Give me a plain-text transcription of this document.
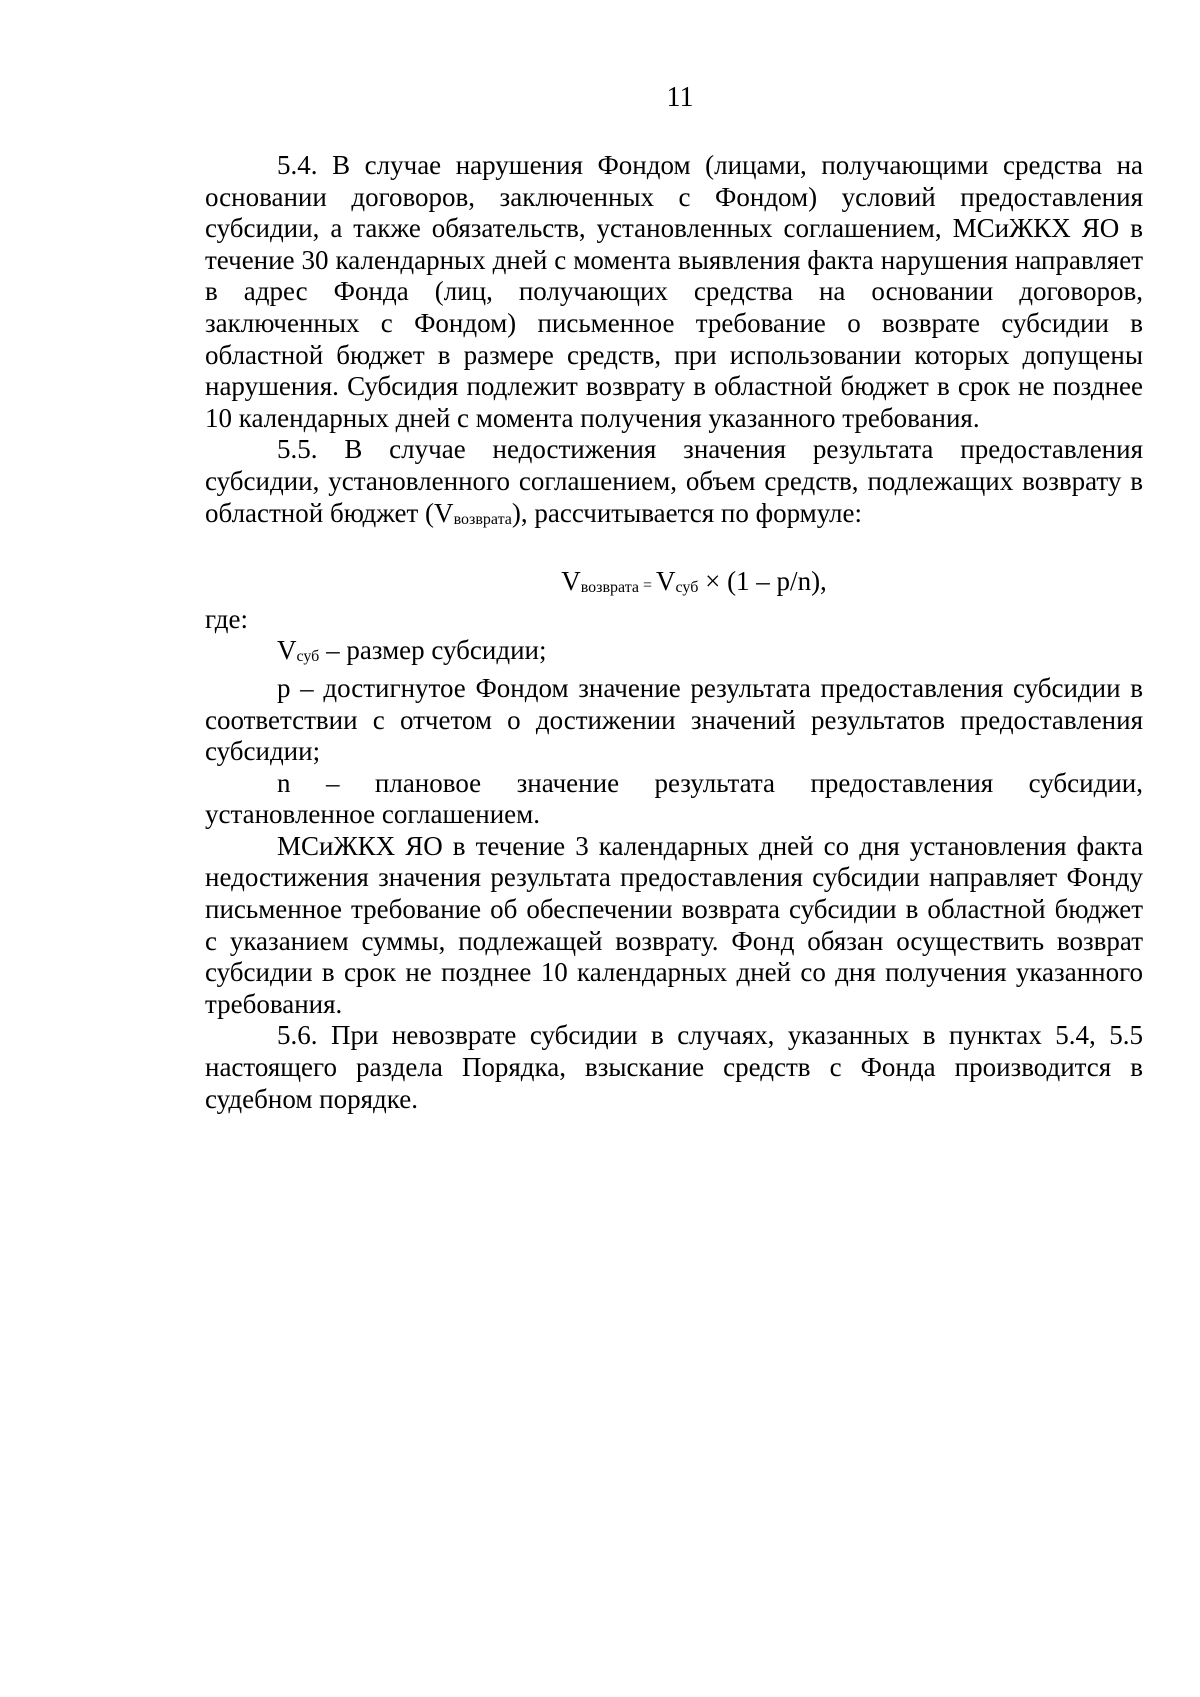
11

5.4. В случае нарушения Фондом (лицами, получающими средства на основании договоров, заключенных с Фондом) условий предоставления субсидии, а также обязательств, установленных соглашением, МСиЖКХ ЯО в течение 30 календарных дней с момента выявления факта нарушения направляет в адрес Фонда (лиц, получающих средства на основании договоров, заключенных с Фондом) письменное требование о возврате субсидии в областной бюджет в размере средств, при использовании которых допущены нарушения. Субсидия подлежит возврату в областной бюджет в срок не позднее 10 календарных дней с момента получения указанного требования.

5.5. В случае недостижения значения результата предоставления субсидии, установленного соглашением, объем средств, подлежащих возврату в областной бюджет (Vвозврата), рассчитывается по формуле:

Vвозврата = Vсуб × (1 – p/n),

где:

Vсуб – размер субсидии;

p – достигнутое Фондом значение результата предоставления субсидии в соответствии с отчетом о достижении значений результатов предоставления субсидии;

n – плановое значение результата предоставления субсидии, установленное соглашением.

МСиЖКХ ЯО в течение 3 календарных дней со дня установления факта недостижения значения результата предоставления субсидии направляет Фонду письменное требование об обеспечении возврата субсидии в областной бюджет с указанием суммы, подлежащей возврату. Фонд обязан осуществить возврат субсидии в срок не позднее 10 календарных дней со дня получения указанного требования.

5.6. При невозврате субсидии в случаях, указанных в пунктах 5.4, 5.5 настоящего раздела Порядка, взыскание средств с Фонда производится в судебном порядке.
